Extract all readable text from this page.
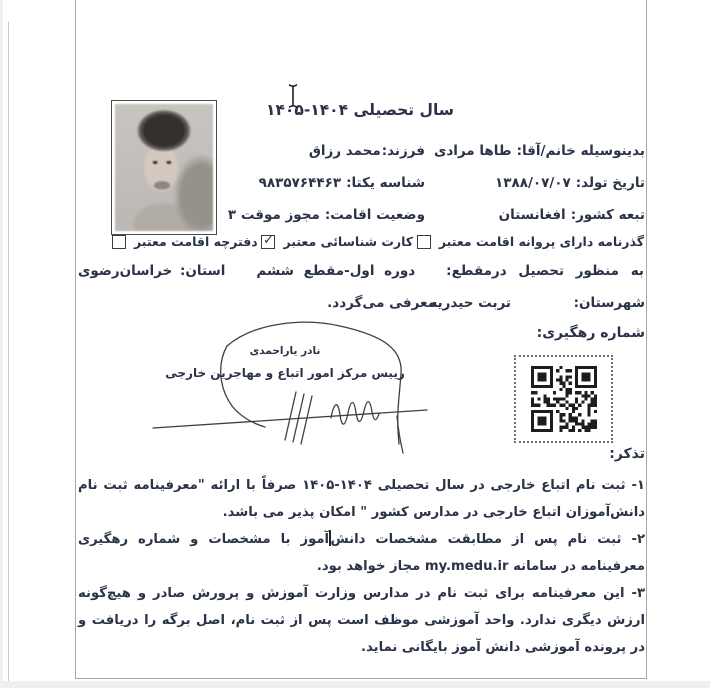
سال تحصیلی ۱۴۰۴-۱۴۰۵
بدینوسیله خانم/آقا:طاها مرادی
تاریخ تولد:۱۳۸۸/۰۷/۰۷
تبعه کشور:افغانستان
فرزند:محمد رزاق
شناسه یکتا:۹۸۳۵۷۶۴۴۶۳
وضعیت اقامت:مجوز موقت ۳
گذرنامه دارای پروانه اقامت معتبر
کارت شناسائی معتبر
✓
دفترچه اقامت معتبر
به منظور تحصیل درمقطع:
دوره اول-مقطع ششم
استان: خراسان‌رضوی
شهرستان:
تربت حیدریه
معرفی می‌گردد.
شماره رهگیری:
نادر یاراحمدی
رییس مرکز امور اتباع و مهاجرین خارجی
تذکر:

۱- ثبت نام اتباع خارجی در سال تحصیلی ۱۴۰۴-۱۴۰۵ صرفاً با ارائه "معرفینامه ثبت نام دانش‌آموزان اتباع خارجی در مدارس کشور " امکان پذیر می باشد.

۲- ثبت نام پس از مطابقت مشخصات دانشآموز با مشخصات و شماره رهگیری معرفینامه در سامانه my.medu.ir مجاز خواهد بود.

۳- این معرفینامه برای ثبت نام در مدارس وزارت آموزش و پرورش صادر و هیچ‌گونه ارزش دیگری ندارد. واحد آموزشی موظف است پس از ثبت نام، اصل برگه را دریافت و در پرونده آموزشی دانش آموز بایگانی نماید.
